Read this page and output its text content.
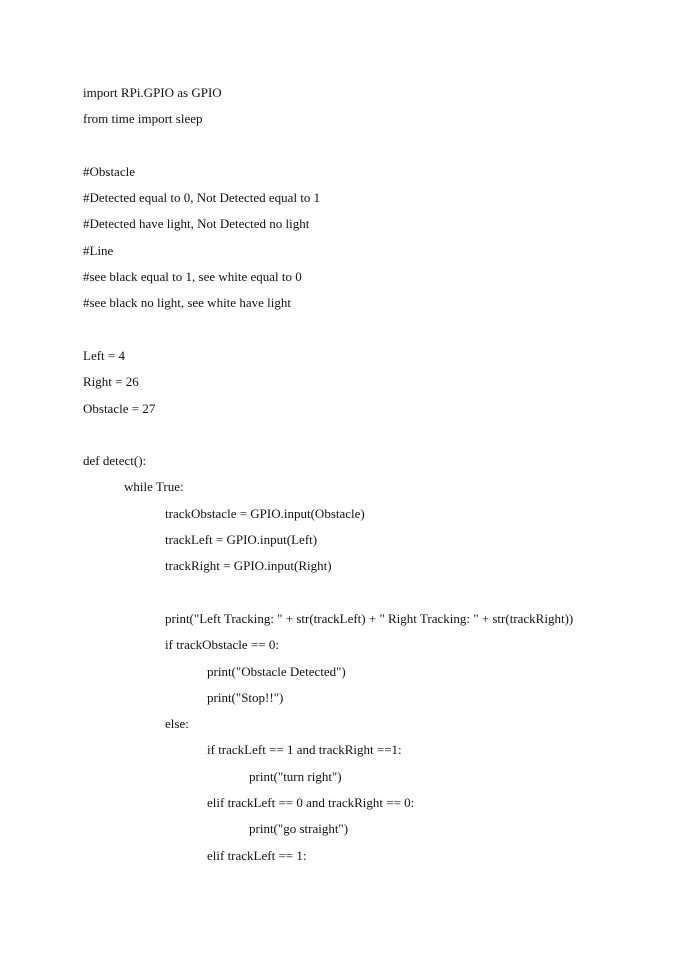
import RPi.GPIO as GPIO
from time import sleep
#Obstacle
#Detected equal to 0, Not Detected equal to 1
#Detected have light, Not Detected no light
#Line
#see black equal to 1, see white equal to 0
#see black no light, see white have light
Left = 4
Right = 26
Obstacle = 27
def detect():
while True:
trackObstacle = GPIO.input(Obstacle)
trackLeft = GPIO.input(Left)
trackRight = GPIO.input(Right)
print("Left Tracking: " + str(trackLeft) + " Right Tracking: " + str(trackRight))
if trackObstacle == 0:
print("Obstacle Detected")
print("Stop!!")
else:
if trackLeft == 1 and trackRight ==1:
print("turn right")
elif trackLeft == 0 and trackRight == 0:
print("go straight")
elif trackLeft == 1:
